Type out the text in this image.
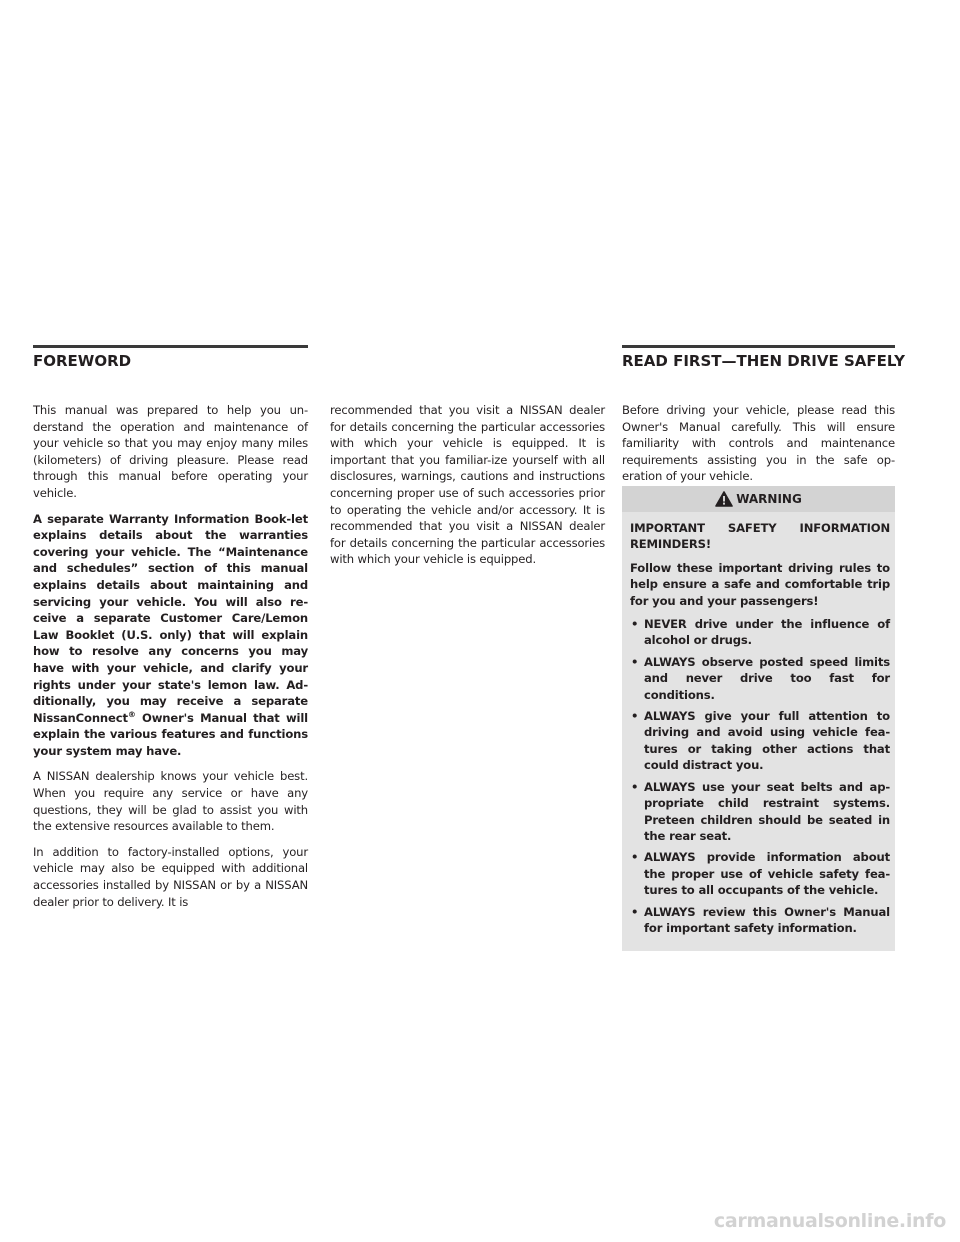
FOREWORD	READ FIRST—THEN DRIVE SAFELY

This manual was prepared to help you un-derstand the operation and maintenance of your vehicle so that you may enjoy many miles (kilometers) of driving pleasure. Please read through this manual before operating your vehicle.

A separate Warranty Information Book-let explains details about the warranties covering your vehicle. The “Maintenance and schedules” section of this manual explains details about maintaining and servicing your vehicle. You will also re-ceive a separate Customer Care/Lemon Law Booklet (U.S. only) that will explain how to resolve any concerns you may have with your vehicle, and clarify your rights under your state's lemon law. Ad-ditionally, you may receive a separate NissanConnect® Owner's Manual that will explain the various features and functions your system may have.

A NISSAN dealership knows your vehicle best. When you require any service or have any questions, they will be glad to assist you with the extensive resources available to them.

In addition to factory-installed options, your vehicle may also be equipped with additional accessories installed by NISSAN or by a NISSAN dealer prior to delivery. It is

recommended that you visit a NISSAN dealer for details concerning the particular accessories with which your vehicle is equipped. It is important that you familiar-ize yourself with all disclosures, warnings, cautions and instructions concerning proper use of such accessories prior to operating the vehicle and/or accessory. It is recommended that you visit a NISSAN dealer for details concerning the particular accessories with which your vehicle is equipped.

Before driving your vehicle, please read this Owner's Manual carefully. This will ensure familiarity with controls and maintenance requirements assisting you in the safe op-eration of your vehicle.

WARNING

IMPORTANT SAFETY INFORMATION REMINDERS!

Follow these important driving rules to help ensure a safe and comfortable trip for you and your passengers!

• NEVER drive under the influence of alcohol or drugs.
• ALWAYS observe posted speed limits and never drive too fast for conditions.
• ALWAYS give your full attention to driving and avoid using vehicle fea-tures or taking other actions that could distract you.
• ALWAYS use your seat belts and ap-propriate child restraint systems. Preteen children should be seated in the rear seat.
• ALWAYS provide information about the proper use of vehicle safety fea-tures to all occupants of the vehicle.
• ALWAYS review this Owner's Manual for important safety information.
carmanualsonline.info
